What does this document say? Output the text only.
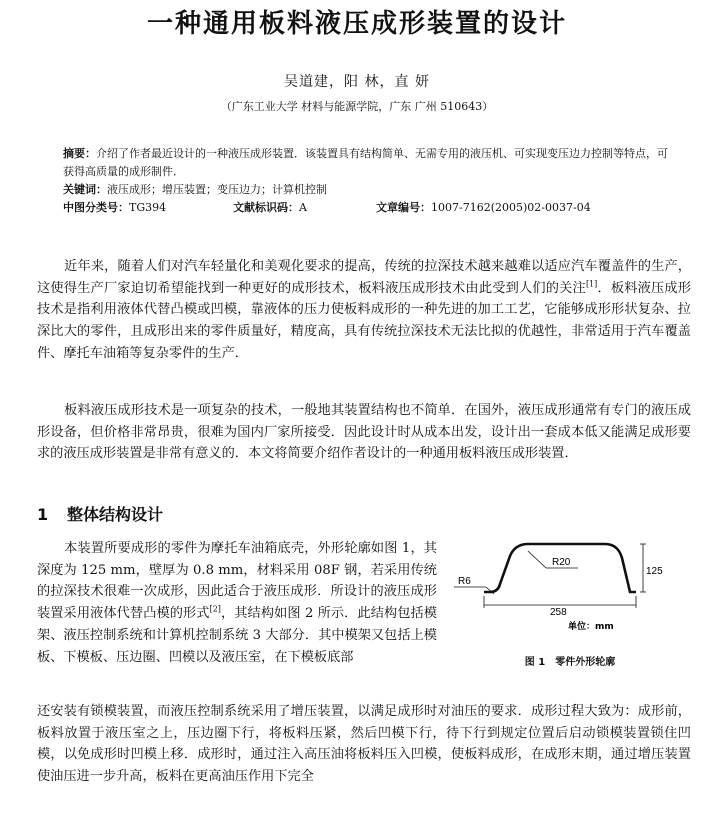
一种通用板料液压成形装置的设计
吴道建，阳 林，直 妍
（广东工业大学 材料与能源学院，广东 广州 510643）
摘要：介绍了作者最近设计的一种液压成形装置．该装置具有结构简单、无需专用的液压机、可实现变压边力控制等特点，可获得高质量的成形制件．
关键词：液压成形；增压装置；变压边力；计算机控制
中图分类号：TG394	文献标识码：A	文章编号：1007-7162(2005)02-0037-04

近年来，随着人们对汽车轻量化和美观化要求的提高，传统的拉深技术越来越难以适应汽车覆盖件的生产，这使得生产厂家迫切希望能找到一种更好的成形技术，板料液压成形技术由此受到人们的关注[1]．板料液压成形技术是指利用液体代替凸模或凹模，靠液体的压力使板料成形的一种先进的加工工艺，它能够成形形状复杂、拉深比大的零件，且成形出来的零件质量好，精度高，具有传统拉深技术无法比拟的优越性，非常适用于汽车覆盖件、摩托车油箱等复杂零件的生产．

板料液压成形技术是一项复杂的技术，一般地其装置结构也不简单．在国外，液压成形通常有专门的液压成形设备，但价格非常昂贵，很难为国内厂家所接受．因此设计时从成本出发，设计出一套成本低又能满足成形要求的液压成形装置是非常有意义的．本文将简要介绍作者设计的一种通用板料液压成形装置．

1 整体结构设计

本装置所要成形的零件为摩托车油箱底壳，外形轮廓如图 1，其深度为 125 mm，壁厚为 0.8 mm，材料采用 08F 钢，若采用传统的拉深技术很难一次成形，因此适合于液压成形．所设计的液压成形装置采用液体代替凸模的形式[2]，其结构如图 2 所示．此结构包括模架、液压控制系统和计算机控制系统 3 大部分．其中模架又包括上模板、下模板、压边圈、凹模以及液压室，在下模板底部

R20
R6
125
258
单位：mm
图 1　零件外形轮廓

还安装有锁模装置，而液压控制系统采用了增压装置，以满足成形时对油压的要求．成形过程大致为：成形前，板料放置于液压室之上，压边圈下行，将板料压紧，然后凹模下行，待下行到规定位置后启动锁模装置锁住凹模，以免成形时凹模上移．成形时，通过注入高压油将板料压入凹模，使板料成形，在成形末期，通过增压装置使油压进一步升高，板料在更高油压作用下完全
